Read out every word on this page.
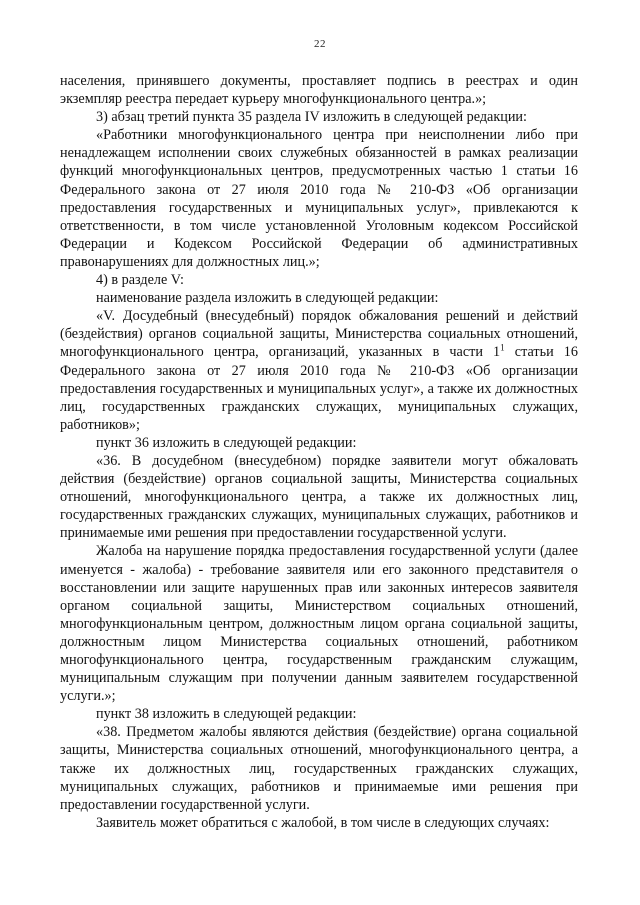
22

населения, принявшего документы, проставляет подпись в реестрах и один экземпляр реестра передает курьеру многофункционального центра.»;

3) абзац третий пункта 35 раздела IV изложить в следующей редакции:

«Работники многофункционального центра при неисполнении либо при ненадлежащем исполнении своих служебных обязанностей в рамках реализации функций многофункциональных центров, предусмотренных частью 1 статьи 16 Федерального закона от 27 июля 2010 года № 210-ФЗ «Об организации предоставления государственных и муниципальных услуг», привлекаются к ответственности, в том числе установленной Уголовным кодексом Российской Федерации и Кодексом Российской Федерации об административных правонарушениях для должностных лиц.»;

4) в разделе V:

наименование раздела изложить в следующей редакции:

«V. Досудебный (внесудебный) порядок обжалования решений и действий (бездействия) органов социальной защиты, Министерства социальных отношений, многофункционального центра, организаций, указанных в части 1$^1$ статьи 16 Федерального закона от 27 июля 2010 года № 210-ФЗ «Об организации предоставления государственных и муниципальных услуг», а также их должностных лиц, государственных гражданских служащих, муниципальных служащих, работников»;

пункт 36 изложить в следующей редакции:

«36. В досудебном (внесудебном) порядке заявители могут обжаловать действия (бездействие) органов социальной защиты, Министерства социальных отношений, многофункционального центра, а также их должностных лиц, государственных гражданских служащих, муниципальных служащих, работников и принимаемые ими решения при предоставлении государственной услуги.

Жалоба на нарушение порядка предоставления государственной услуги (далее именуется - жалоба) - требование заявителя или его законного представителя о восстановлении или защите нарушенных прав или законных интересов заявителя органом социальной защиты, Министерством социальных отношений, многофункциональным центром, должностным лицом органа социальной защиты, должностным лицом Министерства социальных отношений, работником многофункционального центра, государственным гражданским служащим, муниципальным служащим при получении данным заявителем государственной услуги.»;

пункт 38 изложить в следующей редакции:

«38. Предметом жалобы являются действия (бездействие) органа социальной защиты, Министерства социальных отношений, многофункционального центра, а также их должностных лиц, государственных гражданских служащих, муниципальных служащих, работников и принимаемые ими решения при предоставлении государственной услуги.

Заявитель может обратиться с жалобой, в том числе в следующих случаях:
